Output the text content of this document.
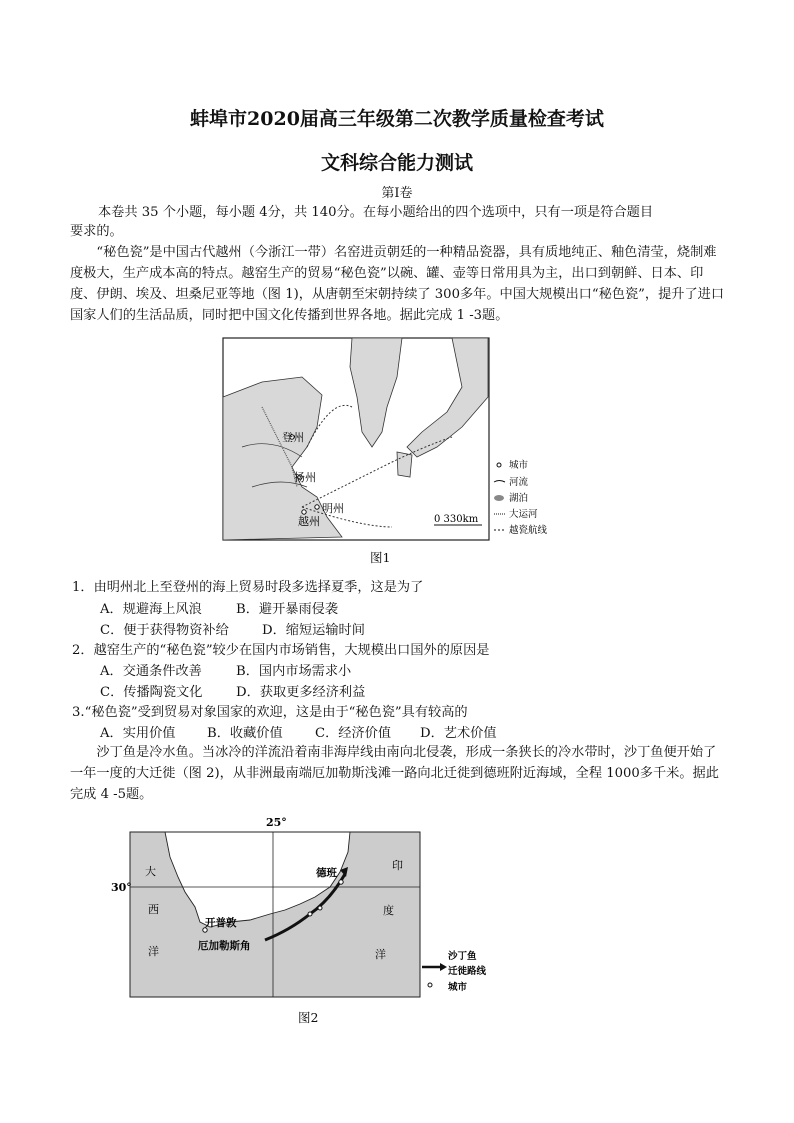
蚌埠市2020届高三年级第二次教学质量检查考试
文科综合能力测试
第I卷
本卷共 35 个小题，每小题 4分，共 140分。在每小题给出的四个选项中，只有一项是符合题目
要求的。
“秘色瓷”是中国古代越州（今浙江一带）名窑进贡朝廷的一种精品瓷器，具有质地纯正、釉色清莹，烧制难度极大，生产成本高的特点。越窑生产的贸易“秘色瓷”以碗、罐、壶等日常用具为主，出口到朝鲜、日本、印度、伊朗、埃及、坦桑尼亚等地（图 1)，从唐朝至宋朝持续了 300多年。中国大规模出口“秘色瓷”，提升了进口国家人们的生活品质，同时把中国文化传播到世界各地。据此完成 1 -3题。
登州
扬州
明州
越州	0 330km
城市
河流
湖泊
大运河
越瓷航线
图1
1．由明州北上至登州的海上贸易时段多选择夏季，这是为了
A．规避海上风浪	B．避开暴雨侵袭
C．便于获得物资补给	D．缩短运输时间
2．越窑生产的“秘色瓷”较少在国内市场销售，大规模出口国外的原因是
A．交通条件改善	B．国内市场需求小
C．传播陶瓷文化	D．获取更多经济利益
3.“秘色瓷”受到贸易对象国家的欢迎，这是由于“秘色瓷”具有较高的
A．实用价值 B．收藏价值 C．经济价值 D．艺术价值
沙丁鱼是冷水鱼。当冰冷的洋流沿着南非海岸线由南向北侵袭，形成一条狭长的冷水带时，沙丁鱼便开始了一年一度的大迁徙（图 2)，从非洲最南端厄加勒斯浅滩一路向北迁徙到德班附近海域，全程 1000多千米。据此完成 4 -5题。
25°
30°
大
西
洋
印
度
洋
德班
开普敦
厄加勒斯角
沙丁鱼
迁徙路线
城市
图2
